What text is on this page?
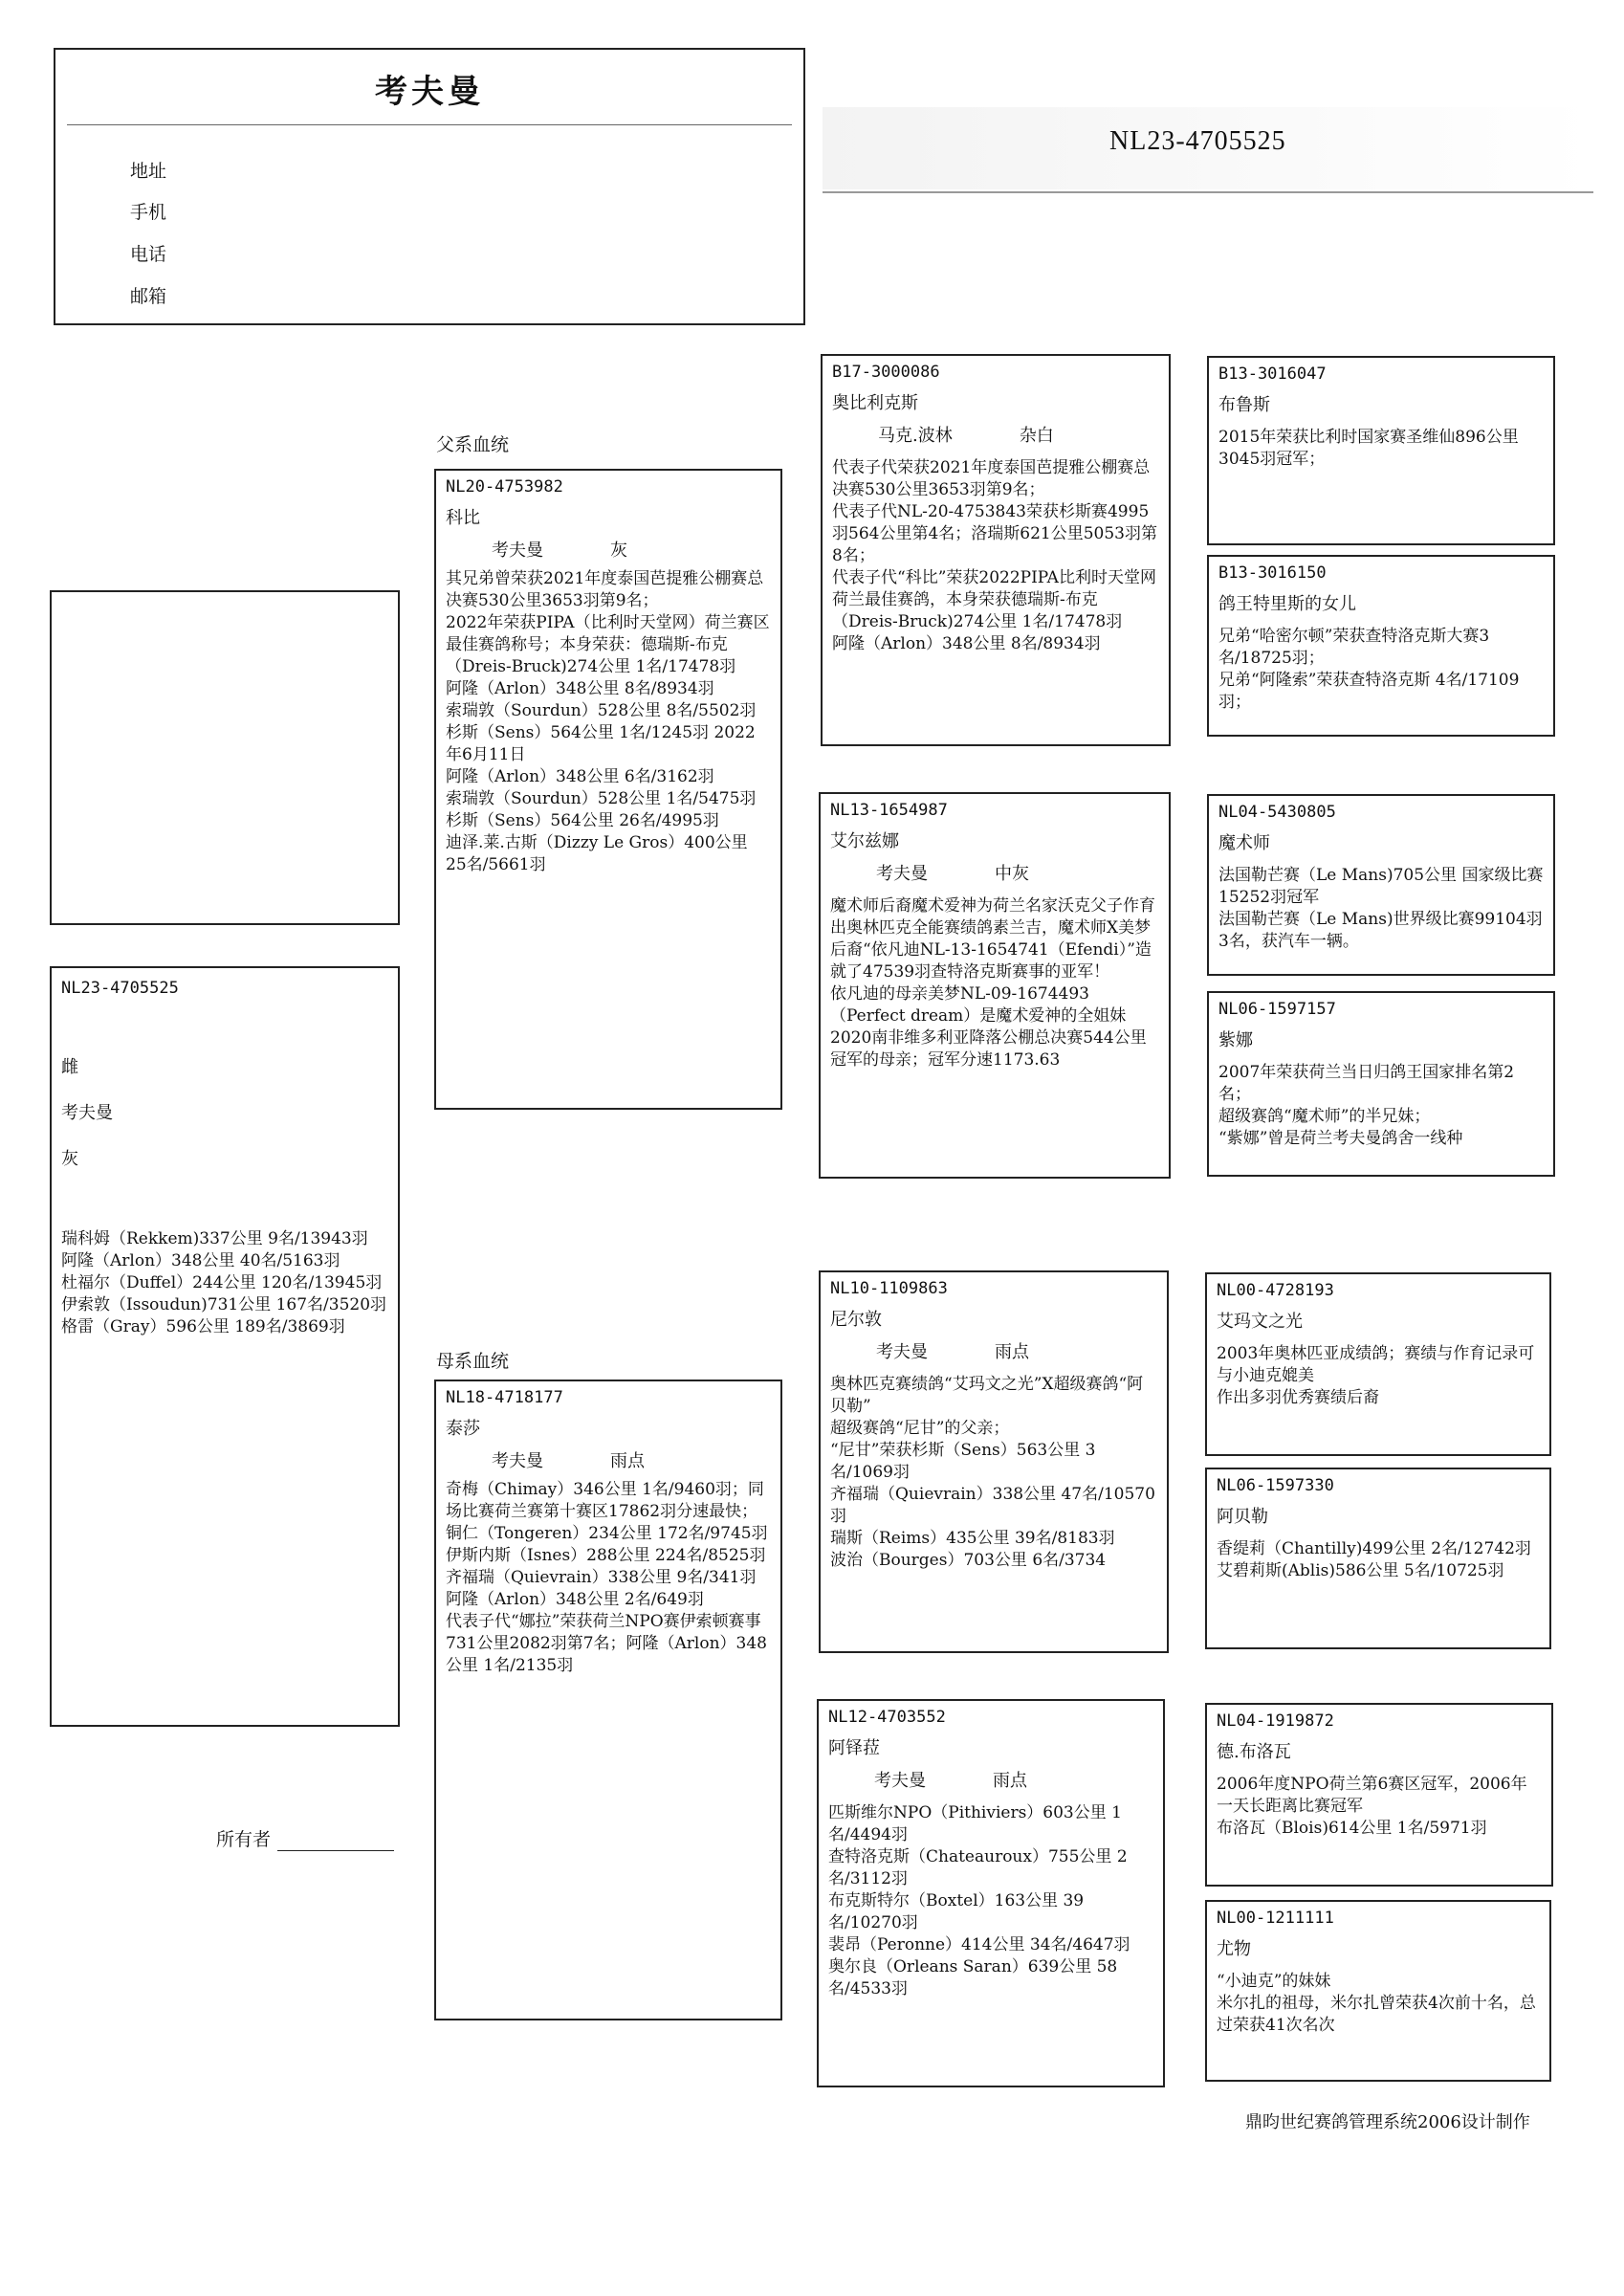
考夫曼
地址
手机
电话
邮箱
NL23-4705525
父系血统
母系血统
NL23-4705525
雌
考夫曼
灰
瑞科姆（Rekkem)337公里 9名/13943羽
阿隆（Arlon）348公里 40名/5163羽
杜福尔（Duffel）244公里 120名/13945羽
伊索敦（Issoudun)731公里 167名/3520羽
格雷（Gray）596公里 189名/3869羽
NL20-4753982
科比
考夫曼	灰
其兄弟曾荣获2021年度泰国芭提雅公棚赛总决赛530公里3653羽第9名；
2022年荣获PIPA（比利时天堂网）荷兰赛区最佳赛鸽称号；本身荣获：德瑞斯-布克（Dreis-Bruck)274公里 1名/17478羽
阿隆（Arlon）348公里 8名/8934羽
索瑞敦（Sourdun）528公里 8名/5502羽
杉斯（Sens）564公里 1名/1245羽 2022年6月11日
阿隆（Arlon）348公里 6名/3162羽
索瑞敦（Sourdun）528公里 1名/5475羽
杉斯（Sens）564公里 26名/4995羽
迪泽.莱.古斯（Dizzy Le Gros）400公里 25名/5661羽
NL18-4718177
泰莎
考夫曼	雨点
奇梅（Chimay）346公里 1名/9460羽；同场比赛荷兰赛第十赛区17862羽分速最快；
铜仁（Tongeren）234公里 172名/9745羽
伊斯内斯（Isnes）288公里 224名/8525羽
齐福瑞（Quievrain）338公里 9名/341羽
阿隆（Arlon）348公里 2名/649羽
代表子代“娜拉”荣获荷兰NPO赛伊索顿赛事731公里2082羽第7名；阿隆（Arlon）348公里 1名/2135羽
B17-3000086
奥比利克斯
马克.波林	杂白
代表子代荣获2021年度泰国芭提雅公棚赛总决赛530公里3653羽第9名；
代表子代NL-20-4753843荣获杉斯赛4995羽564公里第4名；洛瑞斯621公里5053羽第8名；
代表子代“科比”荣获2022PIPA比利时天堂网荷兰最佳赛鸽，本身荣获德瑞斯-布克（Dreis-Bruck)274公里 1名/17478羽
阿隆（Arlon）348公里 8名/8934羽
NL13-1654987
艾尔兹娜
考夫曼	中灰
魔术师后裔魔术爱神为荷兰名家沃克父子作育出奥林匹克全能赛绩鸽素兰吉，魔术师X美梦后裔“依凡迪NL-13-1654741（Efendi）”造就了47539羽查特洛克斯赛事的亚军！
依凡迪的母亲美梦NL-09-1674493（Perfect dream）是魔术爱神的全姐妹
2020南非维多利亚降落公棚总决赛544公里冠军的母亲；冠军分速1173.63
NL10-1109863
尼尔敦
考夫曼	雨点
奥林匹克赛绩鸽“艾玛文之光”X超级赛鸽“阿贝勒”
超级赛鸽“尼甘”的父亲；
“尼甘”荣获杉斯（Sens）563公里 3名/1069羽
齐福瑞（Quievrain）338公里 47名/10570羽
瑞斯（Reims）435公里 39名/8183羽
波治（Bourges）703公里 6名/3734
NL12-4703552
阿铎菈
考夫曼	雨点
匹斯维尔NPO（Pithiviers）603公里 1名/4494羽
查特洛克斯（Chateauroux）755公里 2名/3112羽
布克斯特尔（Boxtel）163公里 39名/10270羽
裴昂（Peronne）414公里 34名/4647羽
奥尔良（Orleans Saran）639公里 58名/4533羽
B13-3016047
布鲁斯
2015年荣获比利时国家赛圣维仙896公里3045羽冠军；
B13-3016150
鸽王特里斯的女儿
兄弟“哈密尔顿”荣获查特洛克斯大赛3名/18725羽；
兄弟“阿隆索”荣获查特洛克斯 4名/17109羽；
NL04-5430805
魔术师
法国勒芒赛（Le Mans)705公里 国家级比赛15252羽冠军
法国勒芒赛（Le Mans)世界级比赛99104羽3名，获汽车一辆。
NL06-1597157
紫娜
2007年荣获荷兰当日归鸽王国家排名第2名；
超级赛鸽“魔术师”的半兄妹；
“紫娜”曾是荷兰考夫曼鸽舍一线种
NL00-4728193
艾玛文之光
2003年奥林匹亚成绩鸽；赛绩与作育记录可与小迪克媲美
作出多羽优秀赛绩后裔
NL06-1597330
阿贝勒
香缇莉（Chantilly)499公里 2名/12742羽
艾碧莉斯(Ablis)586公里 5名/10725羽
NL04-1919872
德.布洛瓦
2006年度NPO荷兰第6赛区冠军，2006年一天长距离比赛冠军
布洛瓦（Blois)614公里 1名/5971羽
NL00-1211111
尤物
“小迪克”的妹妹
米尔扎的祖母，米尔扎曾荣获4次前十名，总过荣获41次名次
所有者
鼎昀世纪赛鸽管理系统2006设计制作
